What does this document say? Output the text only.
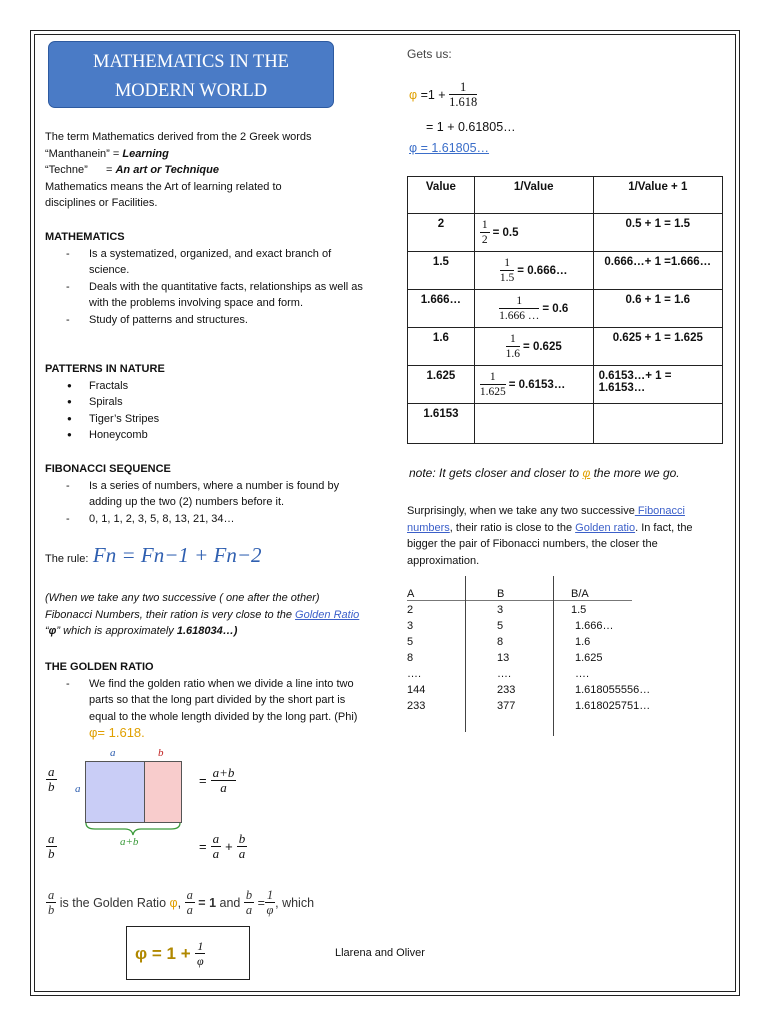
MATHEMATICS IN THE
MODERN WORLD
The term Mathematics derived from the 2 Greek words
“Manthanein” = Learning
“Techne” = An art or Technique
Mathematics means the Art of learning related to
disciplines or Facilities.
MATHEMATICS
- Is a systematized, organized, and exact branch of science.
- Deals with the quantitative facts, relationships as well as with the problems involving space and form.
- Study of patterns and structures.
PATTERNS IN NATURE
● Fractals
● Spirals
● Tiger’s Stripes
● Honeycomb
FIBONACCI SEQUENCE
- Is a series of numbers, where a number is found by adding up the two (2) numbers before it.
- 0, 1, 1, 2, 3, 5, 8, 13, 21, 34…
The rule: Fn = Fn−1 + Fn−2
(When we take any two successive ( one after the other) Fibonacci Numbers, their ration is very close to the Golden Ratio “φ” which is approximately 1.618034…)
THE GOLDEN RATIO
- We find the golden ratio when we divide a line into two parts so that the long part divided by the short part is equal to the whole length divided by the long part. (Phi) φ= 1.618.
$\frac{a}{b}$
a	b
a
a+b
= $\frac{a+b}{a}$
$\frac{a}{b}$	= $\frac{a}{a} + \frac{b}{a}$
$\frac{a}{b}$ is the Golden Ratio φ , $\frac{a}{a} = 1$ and $\frac{b}{a} = \frac{1}{\varphi}$ , which
$\varphi = 1 + \frac{1}{\varphi}$	Llarena and Oliver
Gets us:
$\varphi =1 + \frac{1}{1.618}$
= 1 + 0.61805…
φ = 1.61805…
Value	1/Value	1/Value + 1
2	$\frac{1}{2} = 0.5$	0.5 + 1 = 1.5
1.5	$\frac{1}{1.5}$ = 0.666…	0.666…+ 1 =1.666…
1.666…	$\frac{1}{1.666 \dots} = 0.6$	0.6 + 1 = 1.6
1.6	$\frac{1}{1.6} = 0.625$	0.625 + 1 = 1.625
1.625	$\frac{1}{1.625}$ = 0.6153…	0.6153…+ 1 = 1.6153…
1.6153		
note: It gets closer and closer to φ the more we go.
Surprisingly, when we take any two successive Fibonacci numbers, their ratio is close to the Golden ratio. In fact, the bigger the pair of Fibonacci numbers, the closer the approximation.
A	B	B/A
2	3	1.5
3	5	1.666…
5	8	1.6
8	13	1.625
….	….	….
144	233	1.618055556…
233	377	1.618025751…
